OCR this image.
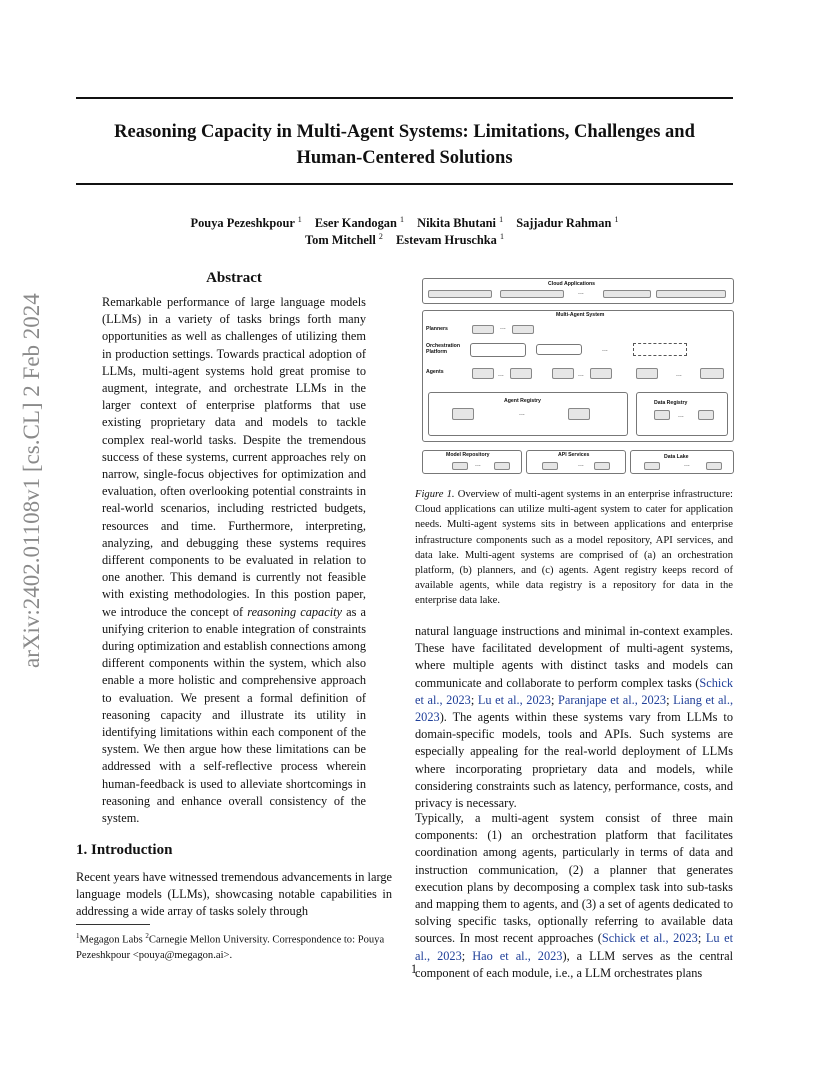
Reasoning Capacity in Multi-Agent Systems: Limitations, Challenges and
Human-Centered Solutions
Pouya Pezeshkpour $^1$ Eser Kandogan $^1$ Nikita Bhutani $^1$ Sajjadur Rahman $^1$
Tom Mitchell $^2$ Estevam Hruschka $^1$
arXiv:2402.01108v1 [cs.CL] 2 Feb 2024
Abstract
Remarkable performance of large language models (LLMs) in a variety of tasks brings forth many opportunities as well as challenges of utilizing them in production settings. Towards practical adoption of LLMs, multi-agent systems hold great promise to augment, integrate, and orchestrate LLMs in the larger context of enterprise platforms that use existing proprietary data and models to tackle complex real-world tasks. Despite the tremendous success of these systems, current approaches rely on narrow, single-focus objectives for optimization and evaluation, often overlooking potential constraints in real-world scenarios, including restricted budgets, resources and time. Furthermore, interpreting, analyzing, and debugging these systems requires different components to be evaluated in relation to one another. This demand is currently not feasible with existing methodologies. In this postion paper, we introduce the concept of reasoning capacity as a unifying criterion to enable integration of constraints during optimization and establish connections among different components within the system, which also enable a more holistic and comprehensive approach to evaluation. We present a formal definition of reasoning capacity and illustrate its utility in identifying limitations within each component of the system. We then argue how these limitations can be addressed with a self-reflective process wherein human-feedback is used to alleviate shortcomings in reasoning and enhance overall consistency of the system.
1. Introduction

Recent years have witnessed tremendous advancements in large language models (LLMs), showcasing notable capabilities in addressing a wide array of tasks solely through

$^1$Megagon Labs $^2$Carnegie Mellon University. Correspondence to: Pouya Pezeshkpour <pouya@megagon.ai>.
Cloud Applications
...
Multi-Agent System
Planners	...
Orchestration Platform	...
Agents	...	...	...
Agent Registry
...
Data Registry
...
Model Repository
...
API Services
...
Data Lake
...
Figure 1. Overview of multi-agent systems in an enterprise infrastructure: Cloud applications can utilize multi-agent system to cater for application needs. Multi-agent systems sits in between applications and enterprise infrastructure components such as a model repository, API services, and data lake. Multi-agent systems are comprised of (a) an orchestration platform, (b) planners, and (c) agents. Agent registry keeps record of available agents, while data registry is a repository for data in the enterprise data lake.

natural language instructions and minimal in-context examples. These have facilitated development of multi-agent systems, where multiple agents with distinct tasks and models can communicate and collaborate to perform complex tasks (Schick et al., 2023; Lu et al., 2023; Paranjape et al., 2023; Liang et al., 2023). The agents within these systems vary from LLMs to domain-specific models, tools and APIs. Such systems are especially appealing for the real-world deployment of LLMs where incorporating proprietary data and models, while considering constraints such as latency, performance, costs, and privacy is necessary.

Typically, a multi-agent system consist of three main components: (1) an orchestration platform that facilitates coordination among agents, particularly in terms of data and instruction communication, (2) a planner that generates execution plans by decomposing a complex task into sub-tasks and mapping them to agents, and (3) a set of agents dedicated to solving specific tasks, optionally referring to available data sources. In most recent approaches (Schick et al., 2023; Lu et al., 2023; Hao et al., 2023), a LLM serves as the central component of each module, i.e., a LLM orchestrates plans

1
